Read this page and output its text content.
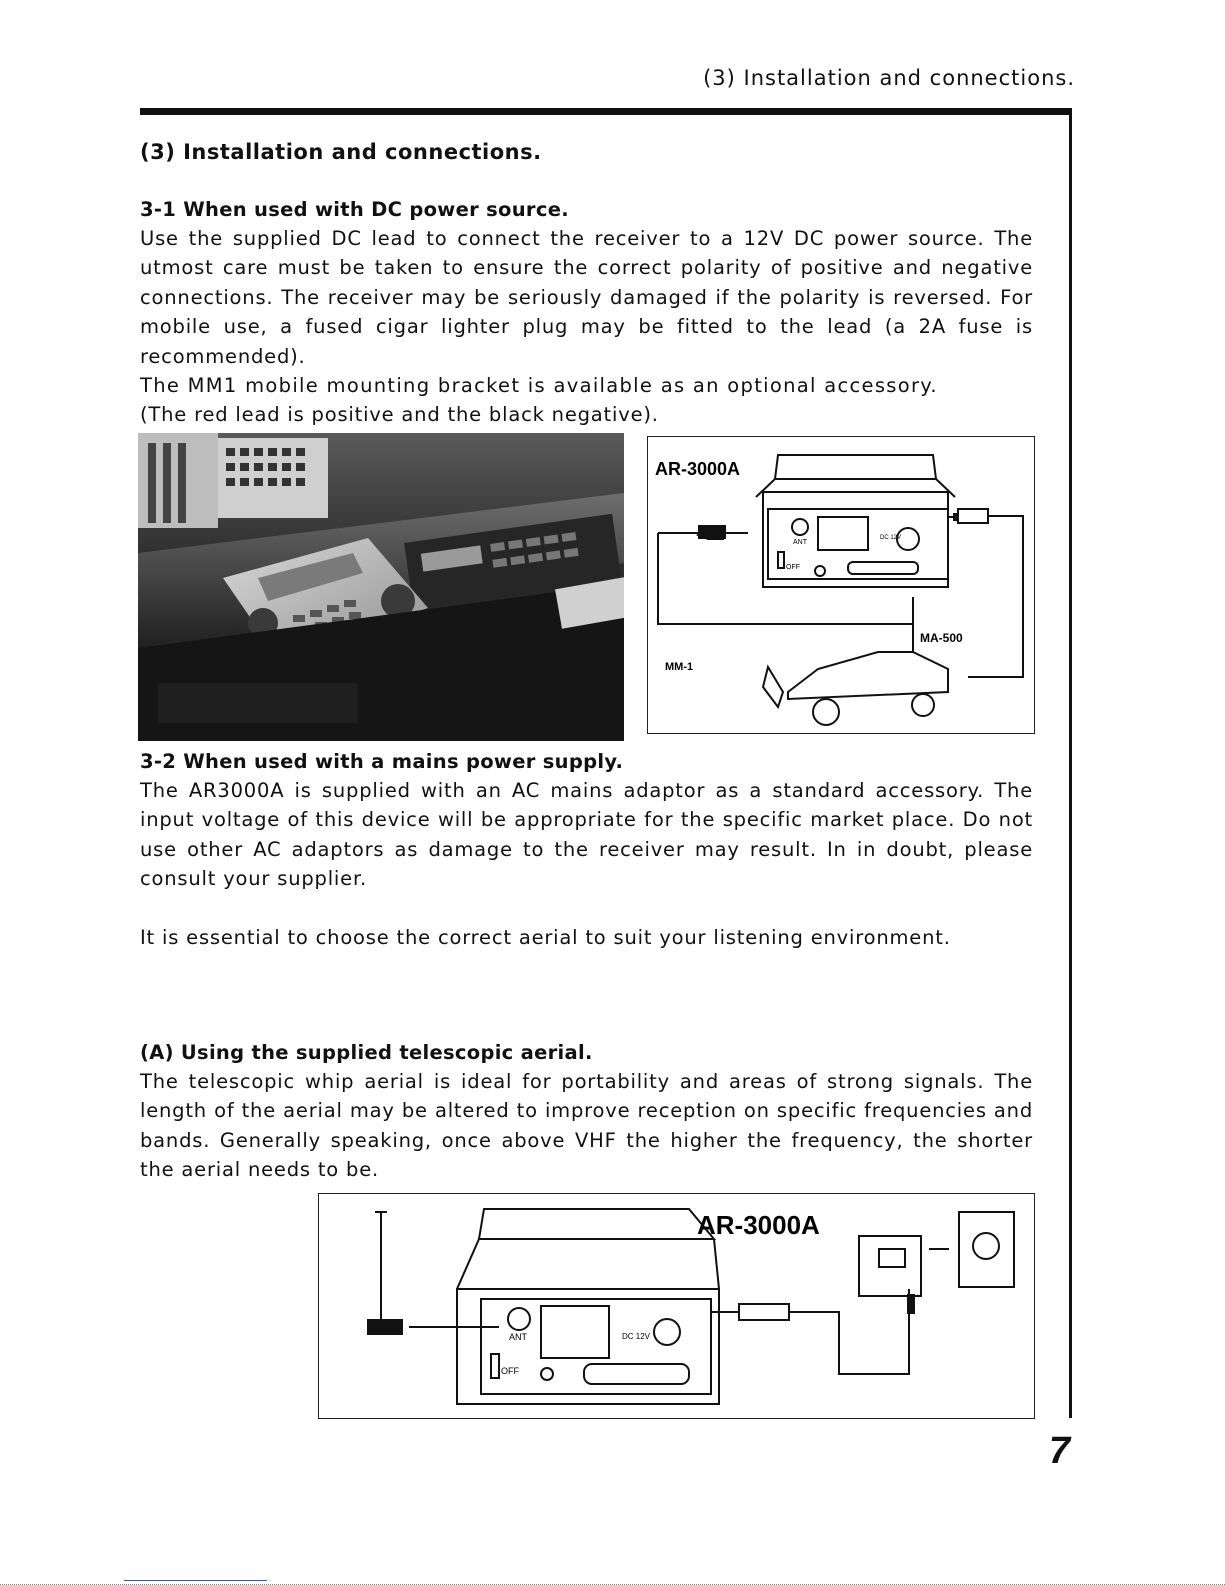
(3) Installation and connections.
(3) Installation and connections.
3-1 When used with DC power source.
Use the supplied DC lead to connect the receiver to a 12V DC power source. The utmost care must be taken to ensure the correct polarity of positive and negative connections. The receiver may be seriously damaged if the polarity is reversed. For mobile use, a fused cigar lighter plug may be fitted to the lead (a 2A fuse is recommended).
The MM1 mobile mounting bracket is available as an optional accessory.
(The red lead is positive and the black negative).
AR-3000A
ANT
DC 12V
OFF
MA-500
MM-1
3-2 When used with a mains power supply.
The AR3000A is supplied with an AC mains adaptor as a standard accessory. The input voltage of this device will be appropriate for the specific market place. Do not use other AC adaptors as damage to the receiver may result. In in doubt, please consult your supplier.
It is essential to choose the correct aerial to suit your listening environment.
(A) Using the supplied telescopic aerial.
The telescopic whip aerial is ideal for portability and areas of strong signals. The length of the aerial may be altered to improve reception on specific frequencies and bands. Generally speaking, once above VHF the higher the frequency, the shorter the aerial needs to be.
AR-3000A
ANT	DC 12V
OFF
7
